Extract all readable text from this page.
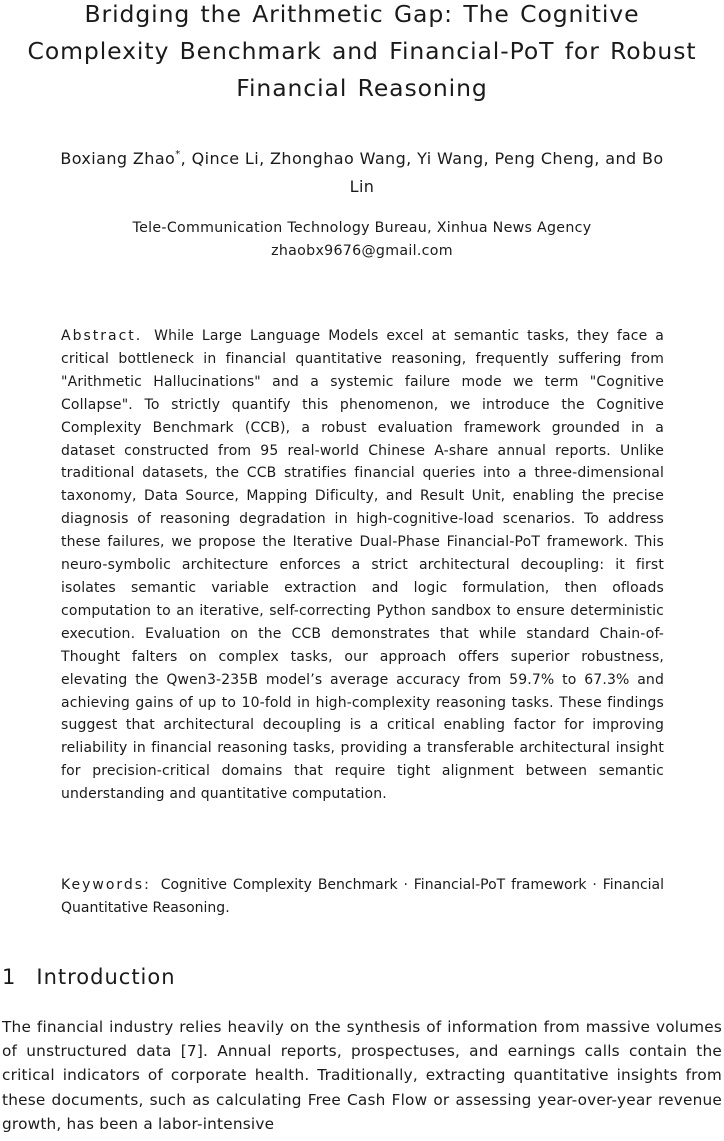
Bridging the Arithmetic Gap: The Cognitive Complexity Benchmark and Financial-PoT for Robust Financial Reasoning
Boxiang Zhao*, Qince Li, Zhonghao Wang, Yi Wang, Peng Cheng, and Bo Lin
Tele-Communication Technology Bureau, Xinhua News Agency
zhaobx9676@gmail.com

Abstract. While Large Language Models excel at semantic tasks, they face a critical bottleneck in financial quantitative reasoning, frequently suffering from "Arithmetic Hallucinations" and a systemic failure mode we term "Cognitive Collapse". To strictly quantify this phenomenon, we introduce the Cognitive Complexity Benchmark (CCB), a robust evaluation framework grounded in a dataset constructed from 95 real-world Chinese A-share annual reports. Unlike traditional datasets, the CCB stratifies financial queries into a three-dimensional taxonomy, Data Source, Mapping Dificulty, and Result Unit, enabling the precise diagnosis of reasoning degradation in high-cognitive-load scenarios. To address these failures, we propose the Iterative Dual-Phase Financial-PoT framework. This neuro-symbolic architecture enforces a strict architectural decoupling: it first isolates semantic variable extraction and logic formulation, then ofloads computation to an iterative, self-correcting Python sandbox to ensure deterministic execution. Evaluation on the CCB demonstrates that while standard Chain-of-Thought falters on complex tasks, our approach offers superior robustness, elevating the Qwen3-235B model’s average accuracy from 59.7% to 67.3% and achieving gains of up to 10-fold in high-complexity reasoning tasks. These findings suggest that architectural decoupling is a critical enabling factor for improving reliability in financial reasoning tasks, providing a transferable architectural insight for precision-critical domains that require tight alignment between semantic understanding and quantitative computation.

Keywords: Cognitive Complexity Benchmark · Financial-PoT framework · Financial Quantitative Reasoning.

1 Introduction

The financial industry relies heavily on the synthesis of information from massive volumes of unstructured data [7]. Annual reports, prospectuses, and earnings calls contain the critical indicators of corporate health. Traditionally, extracting quantitative insights from these documents, such as calculating Free Cash Flow or assessing year-over-year revenue growth, has been a labor-intensive
